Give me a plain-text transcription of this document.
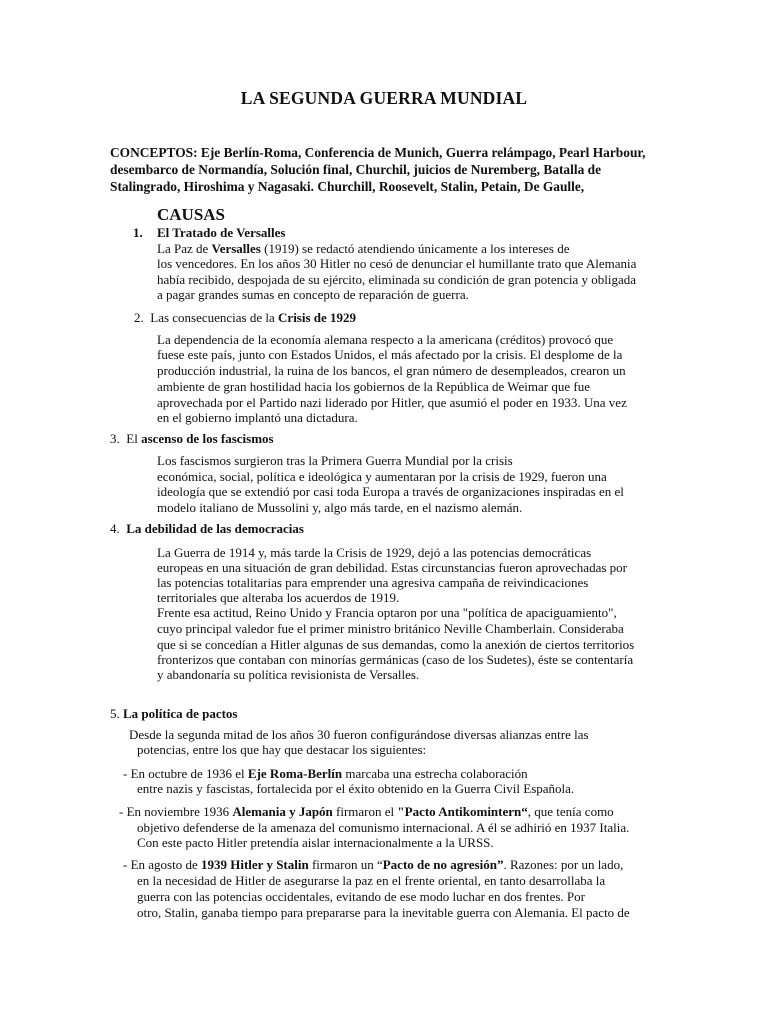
LA SEGUNDA GUERRA MUNDIAL
CONCEPTOS: Eje Berlín-Roma, Conferencia de Munich, Guerra relámpago, Pearl Harbour,
desembarco de Normandía, Solución final, Churchil, juicios de Nuremberg, Batalla de
Stalingrado, Hiroshima y Nagasaki. Churchill, Roosevelt, Stalin, Petain, De Gaulle,
CAUSAS
1. El Tratado de Versalles
La Paz de Versalles (1919) se redactó atendiendo únicamente a los intereses de
los vencedores. En los años 30 Hitler no cesó de denunciar el humillante trato que Alemania
había recibido, despojada de su ejército, eliminada su condición de gran potencia y obligada
a pagar grandes sumas en concepto de reparación de guerra.
2. Las consecuencias de la Crisis de 1929
La dependencia de la economía alemana respecto a la americana (créditos) provocó que
fuese este país, junto con Estados Unidos, el más afectado por la crisis. El desplome de la
producción industrial, la ruina de los bancos, el gran número de desempleados, crearon un
ambiente de gran hostilidad hacia los gobiernos de la República de Weimar que fue
aprovechada por el Partido nazi liderado por Hitler, que asumió el poder en 1933. Una vez
en el gobierno implantó una dictadura.
3. El ascenso de los fascismos
Los fascismos surgieron tras la Primera Guerra Mundial por la crisis
económica, social, política e ideológica y aumentaran por la crisis de 1929, fueron una
ideología que se extendió por casi toda Europa a través de organizaciones inspiradas en el
modelo italiano de Mussolini y, algo más tarde, en el nazismo alemán.
4. La debilidad de las democracias
La Guerra de 1914 y, más tarde la Crisis de 1929, dejó a las potencias democráticas
europeas en una situación de gran debilidad. Estas circunstancias fueron aprovechadas por
las potencias totalitarias para emprender una agresiva campaña de reivindicaciones
territoriales que alteraba los acuerdos de 1919.
Frente esa actitud, Reino Unido y Francia optaron por una "política de apaciguamiento",
cuyo principal valedor fue el primer ministro británico Neville Chamberlain. Consideraba
que si se concedían a Hitler algunas de sus demandas, como la anexión de ciertos territorios
fronterizos que contaban con minorías germánicas (caso de los Sudetes), éste se contentaría
y abandonaría su política revisionista de Versalles.
5. La política de pactos
Desde la segunda mitad de los años 30 fueron configurándose diversas alianzas entre las
potencias, entre los que hay que destacar los siguientes:
- En octubre de 1936 el Eje Roma-Berlín marcaba una estrecha colaboración
entre nazis y fascistas, fortalecida por el éxito obtenido en la Guerra Civil Española.
- En noviembre 1936 Alemania y Japón firmaron el "Pacto Antikomintern“, que tenía como
objetivo defenderse de la amenaza del comunismo internacional. A él se adhirió en 1937 Italia.
Con este pacto Hitler pretendía aislar internacionalmente a la URSS.
- En agosto de 1939 Hitler y Stalin firmaron un “Pacto de no agresión”. Razones: por un lado,
en la necesidad de Hitler de asegurarse la paz en el frente oriental, en tanto desarrollaba la
guerra con las potencias occidentales, evitando de ese modo luchar en dos frentes. Por
otro, Stalin, ganaba tiempo para prepararse para la inevitable guerra con Alemania. El pacto de
